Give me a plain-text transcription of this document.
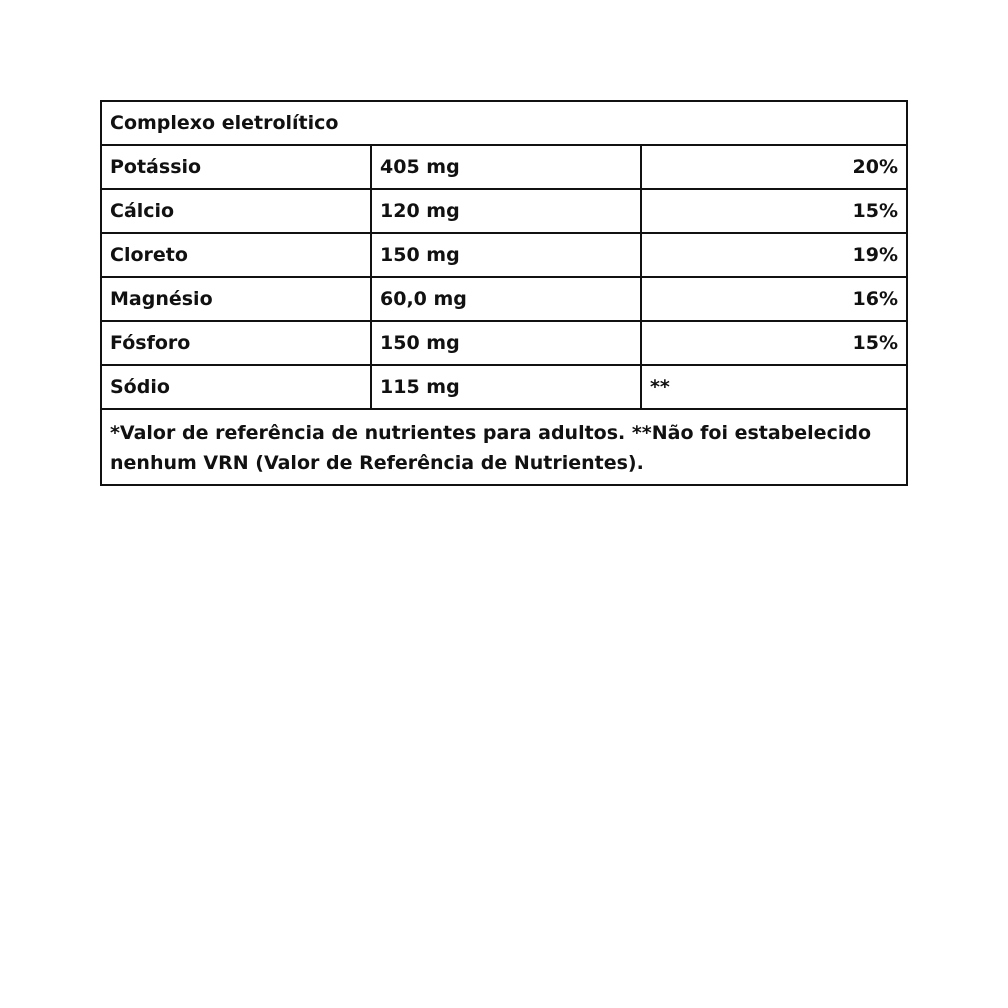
Complexo eletrolítico		
Potássio	405 mg	20%
Cálcio	120 mg	15%
Cloreto	150 mg	19%
Magnésio	60,0 mg	16%
Fósforo	150 mg	15%
Sódio	115 mg	**
*Valor de referência de nutrientes para adultos. **Não foi estabelecido nenhum VRN (Valor de Referência de Nutrientes).		
